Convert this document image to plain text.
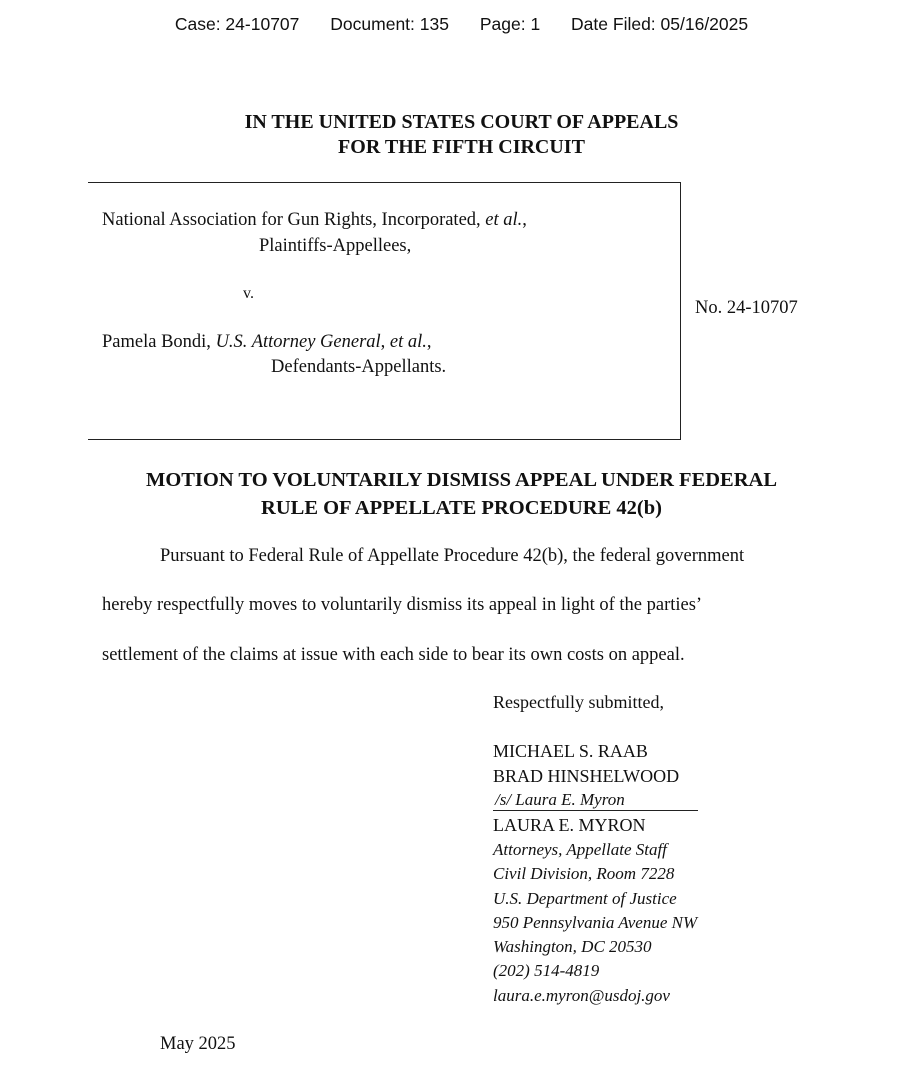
Case: 24-10707 Document: 135 Page: 1 Date Filed: 05/16/2025
IN THE UNITED STATES COURT OF APPEALS
FOR THE FIFTH CIRCUIT
National Association for Gun Rights, Incorporated, et al.,
Plaintiffs-Appellees,
v.
Pamela Bondi, U.S. Attorney General, et al.,
Defendants-Appellants.
No. 24-10707
MOTION TO VOLUNTARILY DISMISS APPEAL UNDER FEDERAL
RULE OF APPELLATE PROCEDURE 42(b)
Pursuant to Federal Rule of Appellate Procedure 42(b), the federal government
hereby respectfully moves to voluntarily dismiss its appeal in light of the parties’
settlement of the claims at issue with each side to bear its own costs on appeal.
Respectfully submitted,
MICHAEL S. RAAB
BRAD HINSHELWOOD
/s/ Laura E. Myron
LAURA E. MYRON
Attorneys, Appellate Staff
Civil Division, Room 7228
U.S. Department of Justice
950 Pennsylvania Avenue NW
Washington, DC 20530
(202) 514-4819
laura.e.myron@usdoj.gov
May 2025
